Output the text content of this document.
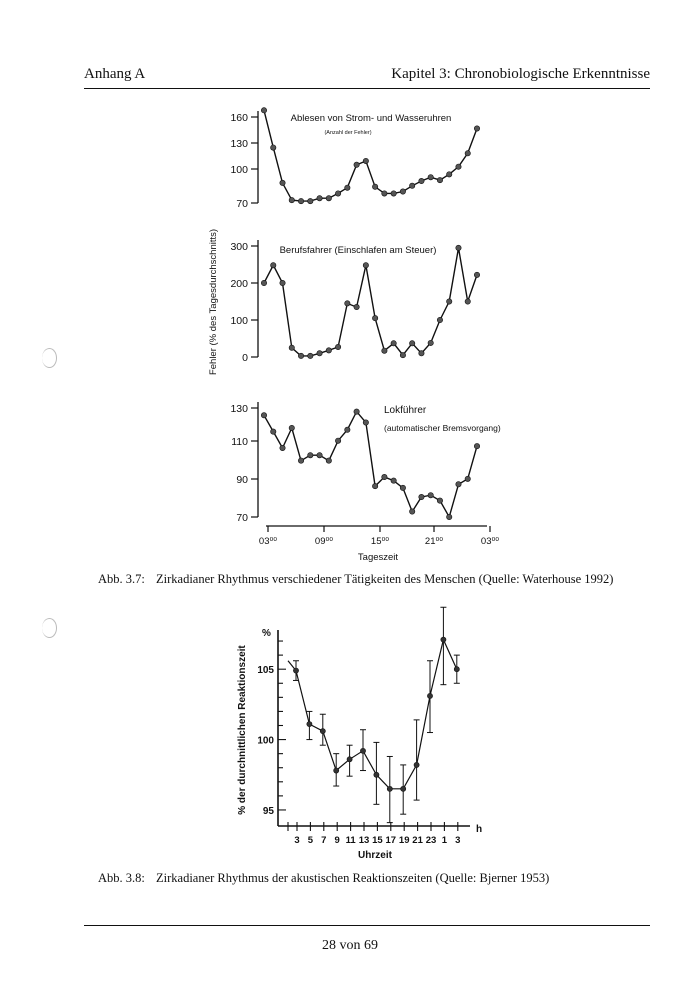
Anhang A	Kapitel 3: Chronobiologische Erkenntnisse
Fehler (% des Tagesdurchschnitts)
160
130
100
70
Ablesen von Strom- und Wasseruhren
(Anzahl der Fehler)
300
200
100
0
Berufsfahrer (Einschlafen am Steuer)
130
110
90
70
Lokführer
(automatischer Bremsvorgang)
03⁰⁰	09⁰⁰	15⁰⁰	21⁰⁰	03⁰⁰
Tageszeit
Abb. 3.7: Zirkadianer Rhythmus verschiedener Tätigkeiten des Menschen (Quelle: Waterhouse 1992)
105
100
95
%
% der durchnittlichen Reaktionszeit
3 5 7 9 11 13 15 17 19 21 23 1 3
h
Uhrzeit
Abb. 3.8: Zirkadianer Rhythmus der akustischen Reaktionszeiten (Quelle: Bjerner 1953)
28 von 69
